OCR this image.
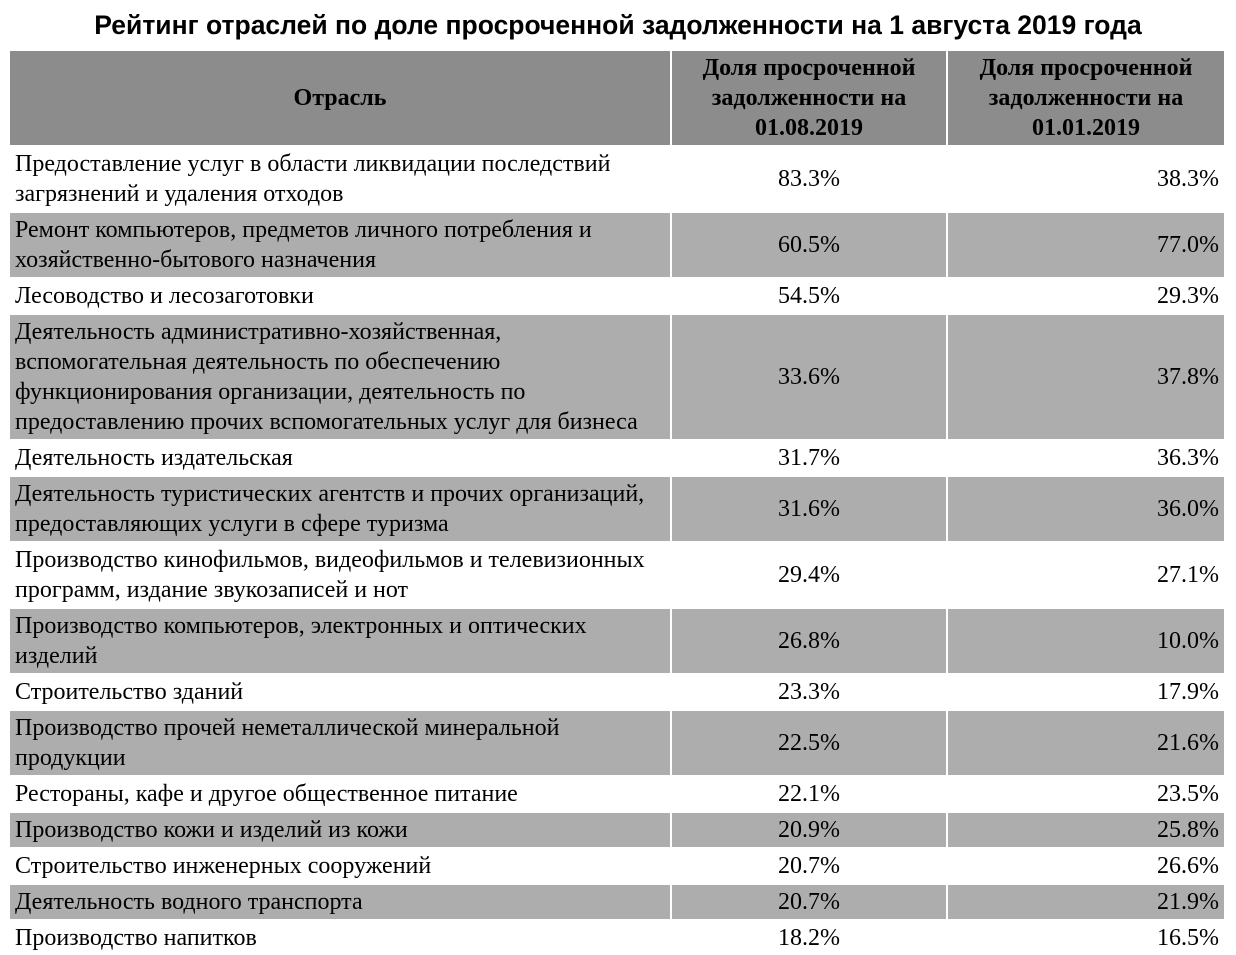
Рейтинг отраслей по доле просроченной задолженности на 1 августа 2019 года
Отрасль	Доля просроченной задолженности на 01.08.2019	Доля просроченной задолженности на 01.01.2019
Предоставление услуг в области ликвидации последствий загрязнений и удаления отходов	83.3%	38.3%
Ремонт компьютеров, предметов личного потребления и хозяйственно-бытового назначения	60.5%	77.0%
Лесоводство и лесозаготовки	54.5%	29.3%
Деятельность административно-хозяйственная, вспомогательная деятельность по обеспечению функционирования организации, деятельность по предоставлению прочих вспомогательных услуг для бизнеса	33.6%	37.8%
Деятельность издательская	31.7%	36.3%
Деятельность туристических агентств и прочих организаций, предоставляющих услуги в сфере туризма	31.6%	36.0%
Производство кинофильмов, видеофильмов и телевизионных программ, издание звукозаписей и нот	29.4%	27.1%
Производство компьютеров, электронных и оптических изделий	26.8%	10.0%
Строительство зданий	23.3%	17.9%
Производство прочей неметаллической минеральной продукции	22.5%	21.6%
Рестораны, кафе и другое общественное питание	22.1%	23.5%
Производство кожи и изделий из кожи	20.9%	25.8%
Строительство инженерных сооружений	20.7%	26.6%
Деятельность водного транспорта	20.7%	21.9%
Производство напитков	18.2%	16.5%
